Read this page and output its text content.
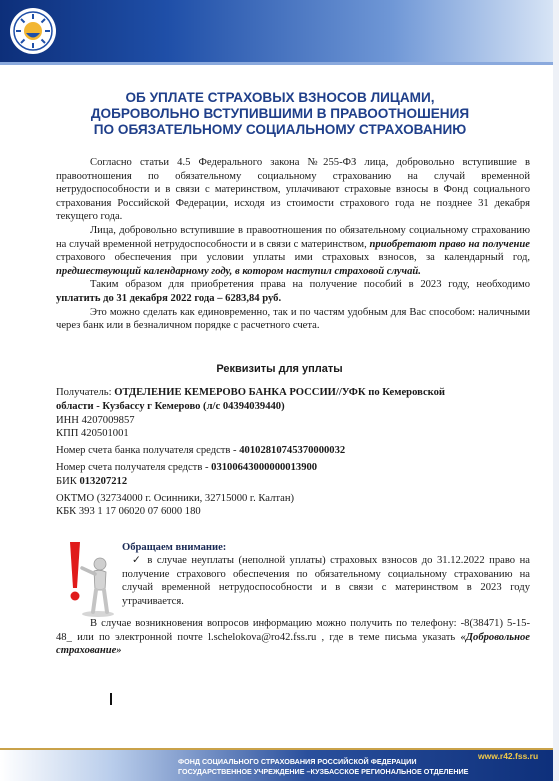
ОБ УПЛАТЕ СТРАХОВЫХ ВЗНОСОВ ЛИЦАМИ,
ДОБРОВОЛЬНО ВСТУПИВШИМИ В ПРАВООТНОШЕНИЯ
ПО ОБЯЗАТЕЛЬНОМУ СОЦИАЛЬНОМУ СТРАХОВАНИЮ

Согласно статьи 4.5 Федерального закона №255-ФЗ лица, добровольно вступившие в правоотношения по обязательному социальному страхованию на случай временной нетрудоспособности и в связи с материнством, уплачивают страховые взносы в Фонд социального страхования Российской Федерации, исходя из стоимости страхового года не позднее 31 декабря текущего года.

Лица, добровольно вступившие в правоотношения по обязательному социальному страхованию на случай временной нетрудоспособности и в связи с материнством, приобретают право на получение страхового обеспечения при условии уплаты ими страховых взносов, за календарный год, предшествующий календарному году, в котором наступил страховой случай.

Таким образом для приобретения права на получение пособий в 2023 году, необходимо уплатить до 31 декабря 2022 года – 6283,84 руб.

Это можно сделать как единовременно, так и по частям удобным для Вас способом: наличными через банк или в безналичном порядке с расчетного счета.

Реквизиты для уплаты
Получатель: ОТДЕЛЕНИЕ КЕМЕРОВО БАНКА РОССИИ//УФК по Кемеровской
области - Кузбассу г Кемерово (л/с 04394039440)
ИНН 4207009857
КПП 420501001
Номер счета банка получателя средств - 40102810745370000032
Номер счета получателя средств - 03100643000000013900
БИК 013207212
ОКТМО (32734000 г. Осинники, 32715000 г. Калтан)
КБК 393 1 17 06020 07 6000 180
Обращаем внимание:
✓ в случае неуплаты (неполной уплаты) страховых взносов до 31.12.2022 право на получение страхового обеспечения по обязательному социальному страхованию на случай временной нетрудоспособности и в связи с материнством в 2023 году утрачивается.

В случае возникновения вопросов информацию можно получить по телефону: -8(38471) 5-15-48_ или по электронной почте l.schelokova@ro42.fss.ru , где в теме письма указать «Добровольное страхование»

www.r42.fss.ru
ФОНД СОЦИАЛЬНОГО СТРАХОВАНИЯ РОССИЙСКОЙ ФЕДЕРАЦИИ
ГОСУДАРСТВЕННОЕ УЧРЕЖДЕНИЕ –КУЗБАССКОЕ РЕГИОНАЛЬНОЕ ОТДЕЛЕНИЕ
